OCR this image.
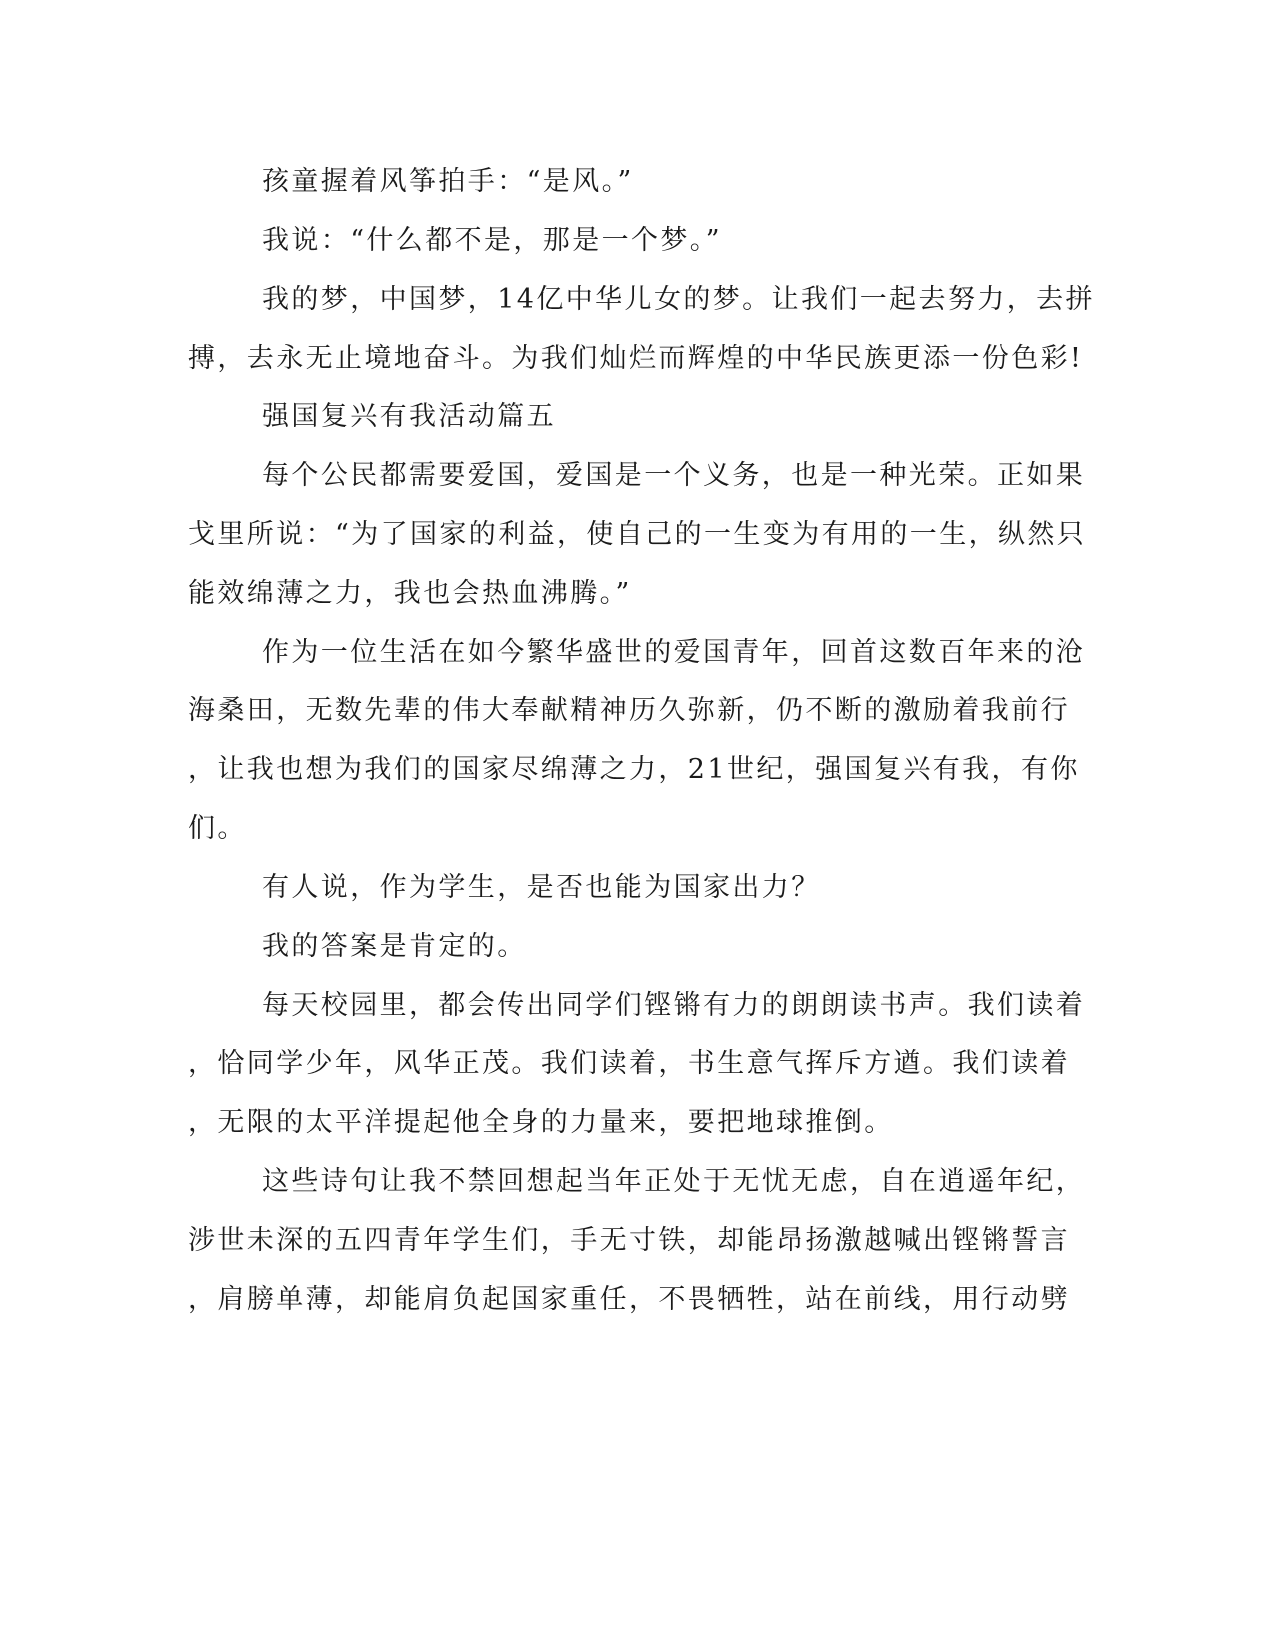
孩童握着风筝拍手：“是风。”
我说：“什么都不是，那是一个梦。”
我的梦，中国梦，14亿中华儿女的梦。让我们一起去努力，去拼
搏，去永无止境地奋斗。为我们灿烂而辉煌的中华民族更添一份色彩!
强国复兴有我活动篇五
每个公民都需要爱国，爱国是一个义务，也是一种光荣。正如果
戈里所说：“为了国家的利益，使自己的一生变为有用的一生，纵然只
能效绵薄之力，我也会热血沸腾。”
作为一位生活在如今繁华盛世的爱国青年，回首这数百年来的沧
海桑田，无数先辈的伟大奉献精神历久弥新，仍不断的激励着我前行
，让我也想为我们的国家尽绵薄之力，21世纪，强国复兴有我，有你
们。
有人说，作为学生，是否也能为国家出力？
我的答案是肯定的。
每天校园里，都会传出同学们铿锵有力的朗朗读书声。我们读着
，恰同学少年，风华正茂。我们读着，书生意气挥斥方遒。我们读着
，无限的太平洋提起他全身的力量来，要把地球推倒。
这些诗句让我不禁回想起当年正处于无忧无虑，自在逍遥年纪，
涉世未深的五四青年学生们，手无寸铁，却能昂扬激越喊出铿锵誓言
，肩膀单薄，却能肩负起国家重任，不畏牺牲，站在前线，用行动劈
